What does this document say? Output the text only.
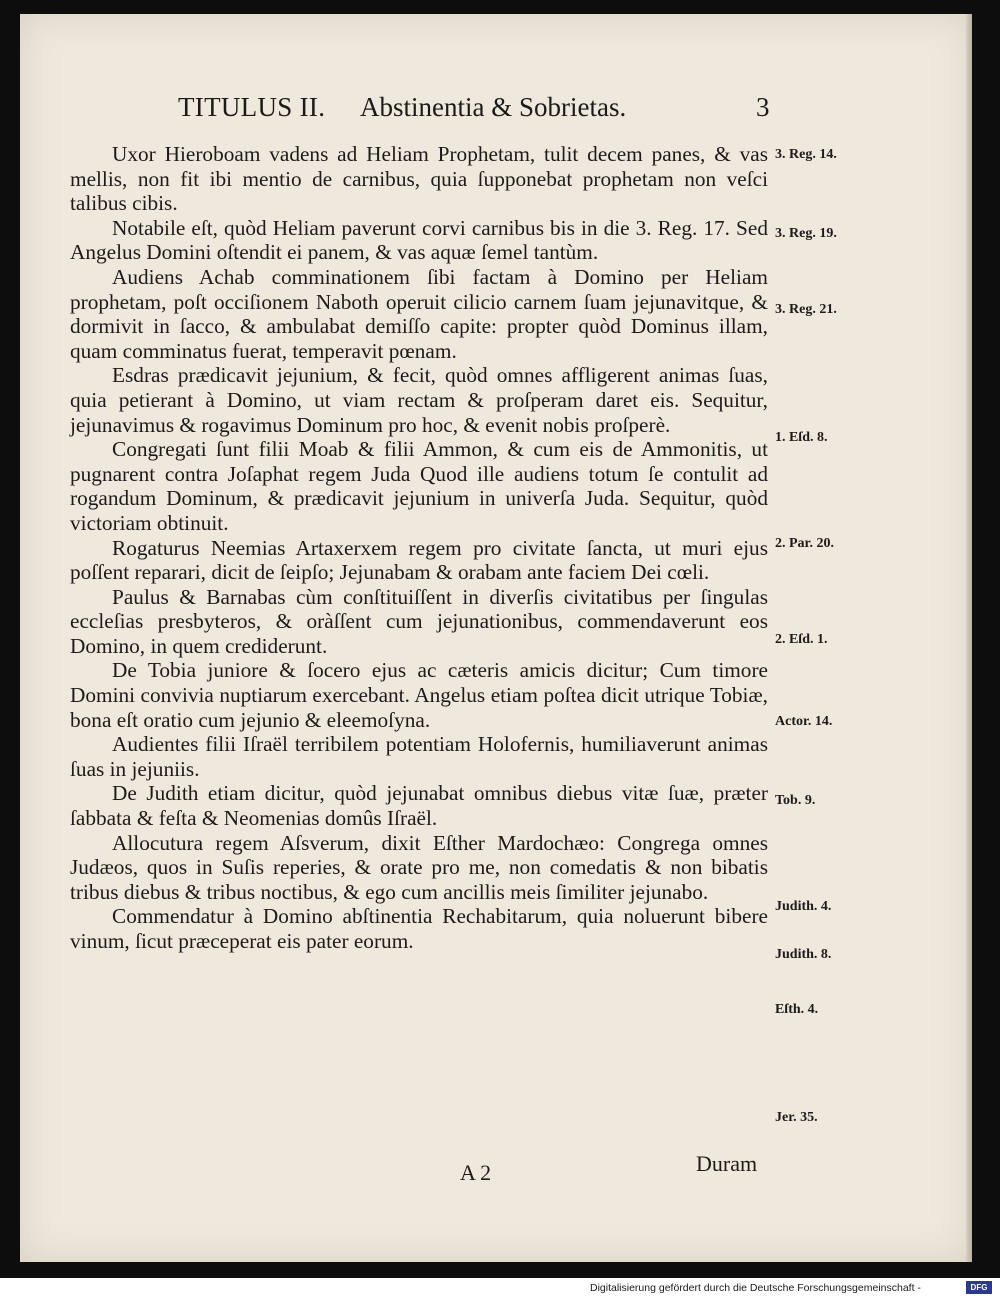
TITULUS II. Abstinentia & Sobrietas.	3

Uxor Hieroboam vadens ad Heliam Prophetam, tulit decem panes, & vas mellis, non fit ibi mentio de carnibus, quia ſupponebat prophetam non veſci talibus cibis.

Notabile eſt, quòd Heliam paverunt corvi carnibus bis in die 3. Reg. 17. Sed Angelus Domini oſtendit ei panem, & vas aquæ ſemel tantùm.

Audiens Achab comminationem ſibi factam à Domino per Heliam prophetam, poſt occiſionem Naboth operuit cilicio carnem ſuam jejunavitque, & dormivit in ſacco, & ambulabat demiſſo capite: propter quòd Dominus illam, quam comminatus fuerat, temperavit pœnam.

Esdras prædicavit jejunium, & fecit, quòd omnes affligerent animas ſuas, quia petierant à Domino, ut viam rectam & proſperam daret eis. Sequitur, jejunavimus & rogavimus Dominum pro hoc, & evenit nobis proſperè.

Congregati ſunt filii Moab & filii Ammon, & cum eis de Ammonitis, ut pugnarent contra Joſaphat regem Juda Quod ille audiens totum ſe contulit ad rogandum Dominum, & prædicavit jejunium in univerſa Juda. Sequitur, quòd victoriam obtinuit.

Rogaturus Neemias Artaxerxem regem pro civitate ſancta, ut muri ejus poſſent reparari, dicit de ſeipſo; Jejunabam & orabam ante faciem Dei cœli.

Paulus & Barnabas cùm conſtituiſſent in diverſis civitatibus per ſingulas eccleſias presbyteros, & oràſſent cum jejunationibus, commendaverunt eos Domino, in quem crediderunt.

De Tobia juniore & ſocero ejus ac cæteris amicis dicitur; Cum timore Domini convivia nuptiarum exercebant. Angelus etiam poſtea dicit utrique Tobiæ, bona eſt oratio cum jejunio & eleemoſyna.

Audientes filii Iſraël terribilem potentiam Holofernis, humiliaverunt animas ſuas in jejuniis.

De Judith etiam dicitur, quòd jejunabat omnibus diebus vitæ ſuæ, præter ſabbata & feſta & Neomenias domûs Iſraël.

Allocutura regem Aſsverum, dixit Eſther Mardochæo: Congrega omnes Judæos, quos in Suſis reperies, & orate pro me, non comedatis & non bibatis tribus diebus & tribus noctibus, & ego cum ancillis meis ſimiliter jejunabo.

Commendatur à Domino abſtinentia Rechabitarum, quia noluerunt bibere vinum, ſicut præceperat eis pater eorum.

3. Reg. 14.
3. Reg. 19.
3. Reg. 21.
1. Eſd. 8.
2. Par. 20.
2. Eſd. 1.
Actor. 14.
Tob. 9.
Judith. 4.
Judith. 8.
Eſth. 4.
Jer. 35.
A 2	Duram
Digitalisierung gefördert durch die Deutsche Forschungsgemeinschaft -	DFG
